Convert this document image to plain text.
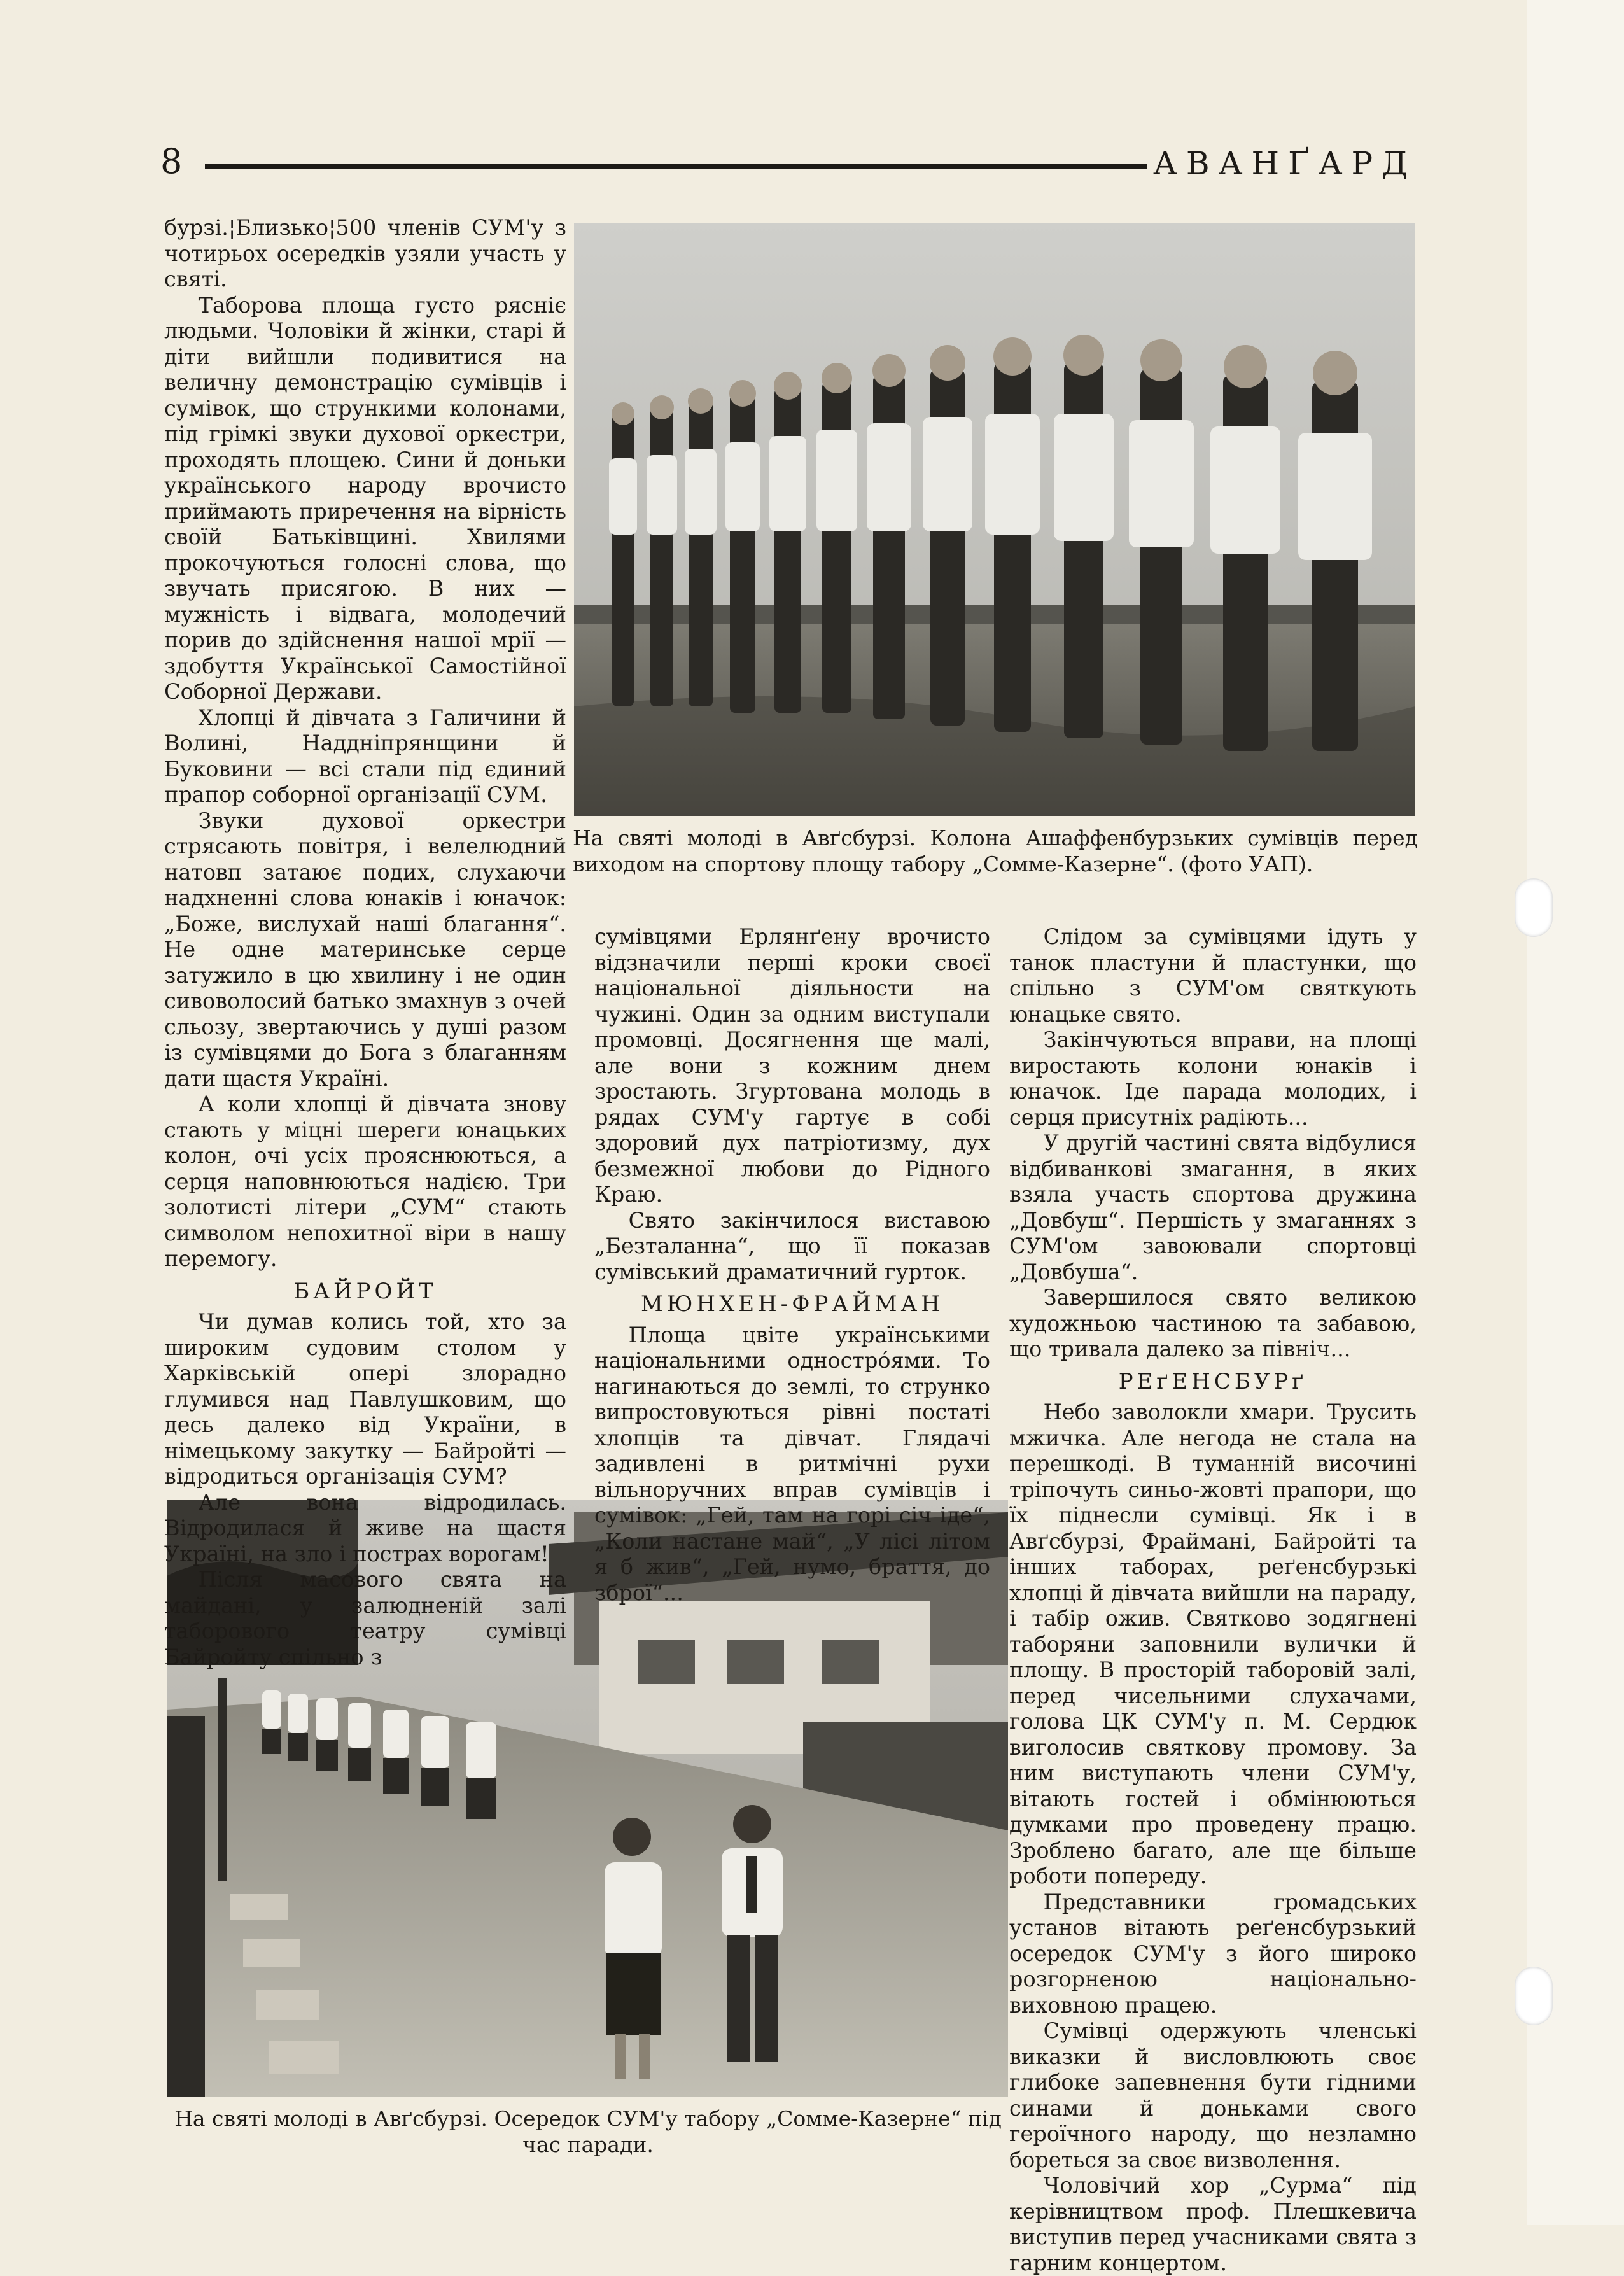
8	АВАНҐАРД
На святі молоді в Авґсбурзі. Колона Ашаффенбурзьких сумівців перед виходом на спортову площу табору „Сомме-Казерне“. (фото УАП).
На святі молоді в Авґсбурзі. Осередок СУМ'у табору „Сомме-Казерне“ під час паради.

бурзі.¦Близько¦500 членів СУМ'у з чотирьох осередків узяли участь у святі.

Таборова площа густо рясніє людьми. Чоловіки й жінки, старі й діти вийшли подивитися на величну демонстрацію сумівців і сумівок, що стрункими колонами, під грімкі звуки духової оркестри, проходять площею. Сини й доньки українського народу врочисто приймають приречення на вірність своїй Батьківщині. Хвилями прокочуються голосні слова, що звучать присягою. В них — мужність і відвага, молодечий порив до здійснення нашої мрії — здобуття Української Самостійної Соборної Держави.

Хлопці й дівчата з Галичини й Волині, Наддніпрянщини й Буковини — всі стали під єдиний прапор соборної організації СУМ.

Звуки духової оркестри стрясають повітря, і велелюдний натовп затаює подих, слухаючи надхненні слова юнаків і юначок: „Боже, вислухай наші благання“. Не одне материнське серце затужило в цю хвилину і не один сивоволосий батько змахнув з очей сльозу, звертаючись у душі разом із сумівцями до Бога з благанням дати щастя Україні.

А коли хлопці й дівчата знову стають у міцні шереги юнацьких колон, очі усіх прояснюються, а серця наповнюються надією. Три золотисті літери „СУМ“ стають символом непохитної віри в нашу перемогу.

БАЙРОЙТ

Чи думав колись той, хто за широким судовим столом у Харківській опері злорадно глумився над Павлушковим, що десь далеко від України, в німецькому закутку — Байройті — відродиться організація СУМ?

Але вона відродилась. Відродилася й живе на щастя Україні, на зло і пострах ворогам!

Після масового свята на майдані, у залюдненій залі таборового театру сумівці Байройту спільно з

сумівцями Ерлянґену врочисто відзначили перші кроки своєї національної діяльности на чужині. Один за одним виступали промовці. Досягнення ще малі, але вони з кожним днем зростають. Згуртована молодь в рядах СУМ'у гартує в собі здоровий дух патріотизму, дух безмежної любови до Рідного Краю.

Свято закінчилося виставою „Безталанна“, що її показав сумівський драматичний гурток.

МЮНХЕН-ФРАЙМАН

Площа цвіте українськими національними однострóями. То нагинаються до землі, то струнко випростовуються рівні постаті хлопців та дівчат. Глядачі задивлені в ритмічні рухи вільноручних вправ сумівців і сумівок: „Гей, там на горі січ іде“, „Коли настане май“, „У лісі літом я б жив“, „Гей, нумо, браття, до зброї“...

Слідом за сумівцями ідуть у танок пластуни й пластунки, що спільно з СУМ'ом святкують юнацьке свято.

Закінчуються вправи, на площі виростають колони юнаків і юначок. Іде парада молодих, і серця присутніх радіють...

У другій частині свята відбулися відбиванкові змагання, в яких взяла участь спортова дружина „Довбуш“. Першість у змаганнях з СУМ'ом завоювали спортовці „Довбуша“.

Завершилося свято великою художньою частиною та забавою, що тривала далеко за північ...

РЕґЕНСБУРґ

Небо заволокли хмари. Трусить мжичка. Але негода не стала на перешкоді. В туманній височині тріпочуть синьо-жовті прапори, що їх піднесли сумівці. Як і в Авґсбурзі, Фраймані, Байройті та інших таборах, реґенсбурзькі хлопці й дівчата вийшли на параду, і табір ожив. Святково зодягнені таборяни заповнили вулички й площу. В просторій таборовій залі, перед чисельними слухачами, голова ЦК СУМ'у п. М. Сердюк виголосив святкову промову. За ним виступають члени СУМ'у, вітають гостей і обмінюються думками про проведену працю. Зроблено багато, але ще більше роботи попереду.

Представники громадських установ вітають реґенсбурзький осередок СУМ'у з його широко розгорненою національно-виховною працею.

Сумівці одержують членські виказки й висловлюють своє глибоке запевнення бути гідними синами й доньками свого героїчного народу, що незламно бореться за своє визволення.

Чоловічий хор „Сурма“ під керівництвом проф. Плешкевича виступив перед учасниками свята з гарним концертом.
